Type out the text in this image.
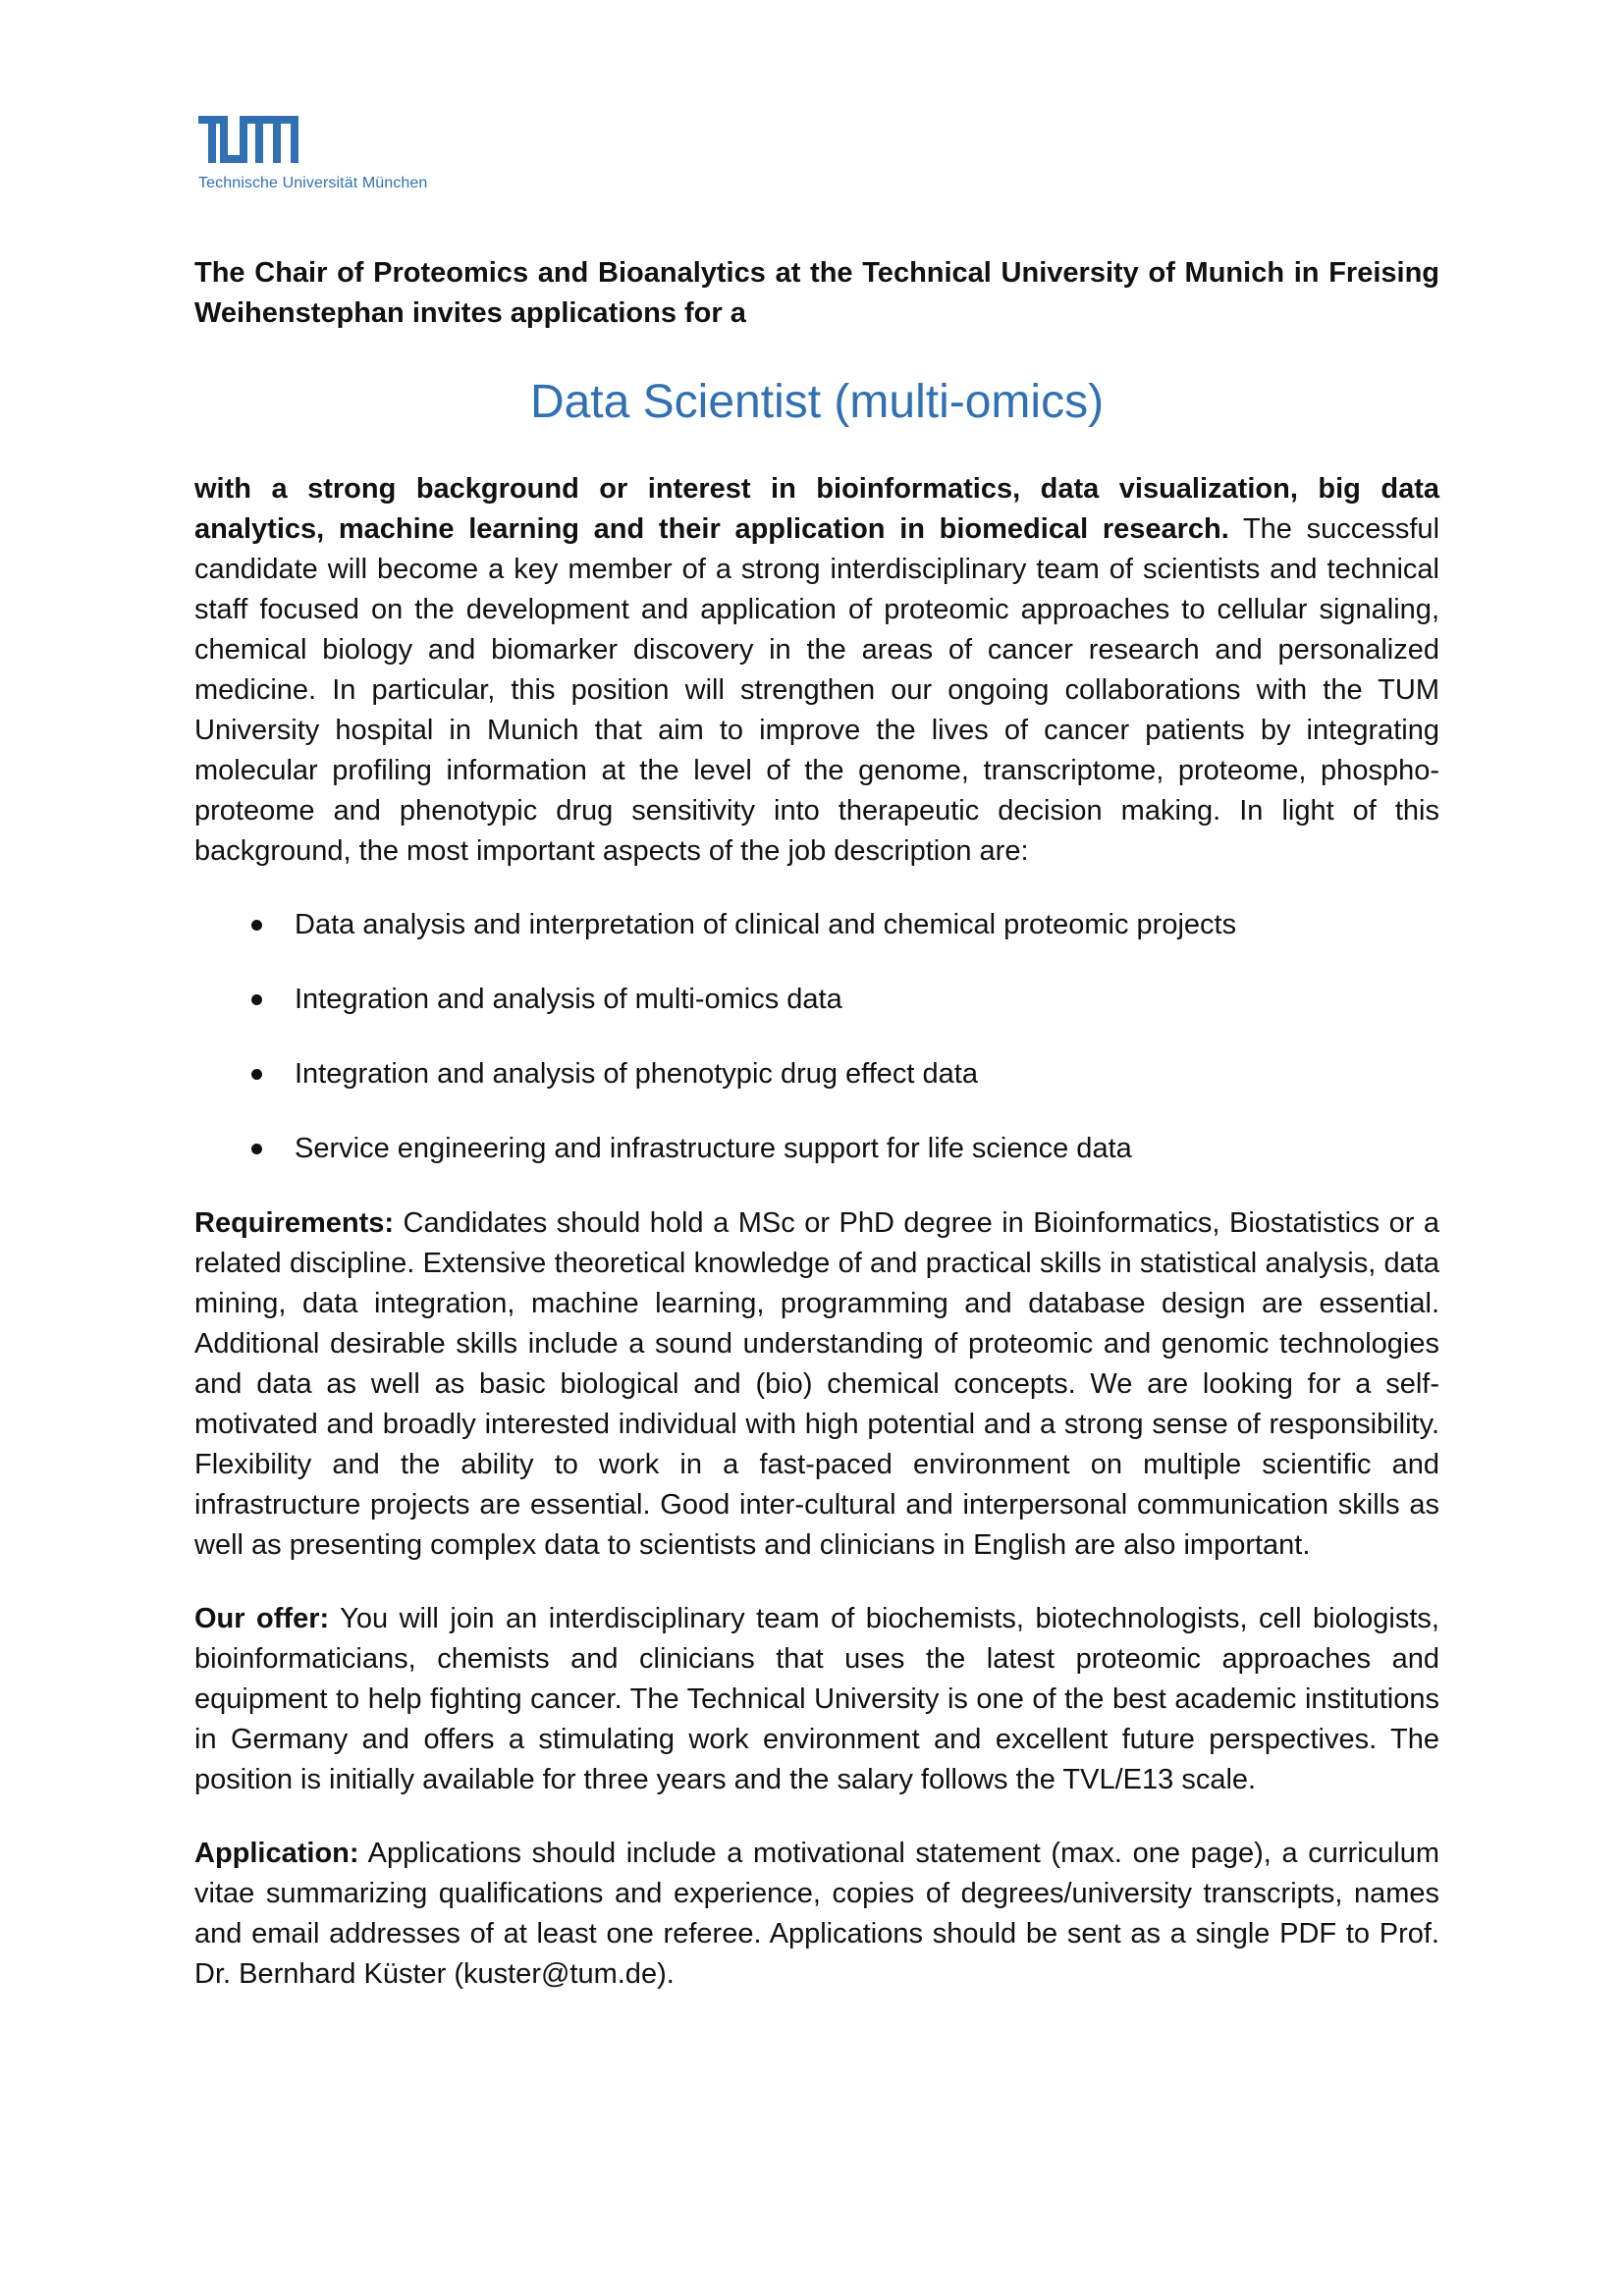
Technische Universität München

The Chair of Proteomics and Bioanalytics at the Technical University of Munich in Freising Weihenstephan invites applications for a

Data Scientist (multi-omics)

with a strong background or interest in bioinformatics, data visualization, big data analytics, machine learning and their application in biomedical research. The successful candidate will become a key member of a strong interdisciplinary team of scientists and technical staff focused on the development and application of proteomic approaches to cellular signaling, chemical biology and biomarker discovery in the areas of cancer research and personalized medicine. In particular, this position will strengthen our ongoing collaborations with the TUM University hospital in Munich that aim to improve the lives of cancer patients by integrating molecular profiling information at the level of the genome, transcriptome, proteome, phospho-proteome and phenotypic drug sensitivity into therapeutic decision making. In light of this background, the most important aspects of the job description are:

Data analysis and interpretation of clinical and chemical proteomic projects
Integration and analysis of multi-omics data
Integration and analysis of phenotypic drug effect data
Service engineering and infrastructure support for life science data

Requirements: Candidates should hold a MSc or PhD degree in Bioinformatics, Biostatistics or a related discipline. Extensive theoretical knowledge of and practical skills in statistical analysis, data mining, data integration, machine learning, programming and database design are essential. Additional desirable skills include a sound understanding of proteomic and genomic technologies and data as well as basic biological and (bio) chemical concepts. We are looking for a self-motivated and broadly interested individual with high potential and a strong sense of responsibility. Flexibility and the ability to work in a fast-paced environment on multiple scientific and infrastructure projects are essential. Good inter-cultural and interpersonal communication skills as well as presenting complex data to scientists and clinicians in English are also important.

Our offer: You will join an interdisciplinary team of biochemists, biotechnologists, cell biologists, bioinformaticians, chemists and clinicians that uses the latest proteomic approaches and equipment to help fighting cancer. The Technical University is one of the best academic institutions in Germany and offers a stimulating work environment and excellent future perspectives. The position is initially available for three years and the salary follows the TVL/E13 scale.

Application: Applications should include a motivational statement (max. one page), a curriculum vitae summarizing qualifications and experience, copies of degrees/university transcripts, names and email addresses of at least one referee. Applications should be sent as a single PDF to Prof. Dr. Bernhard Küster (kuster@tum.de).
